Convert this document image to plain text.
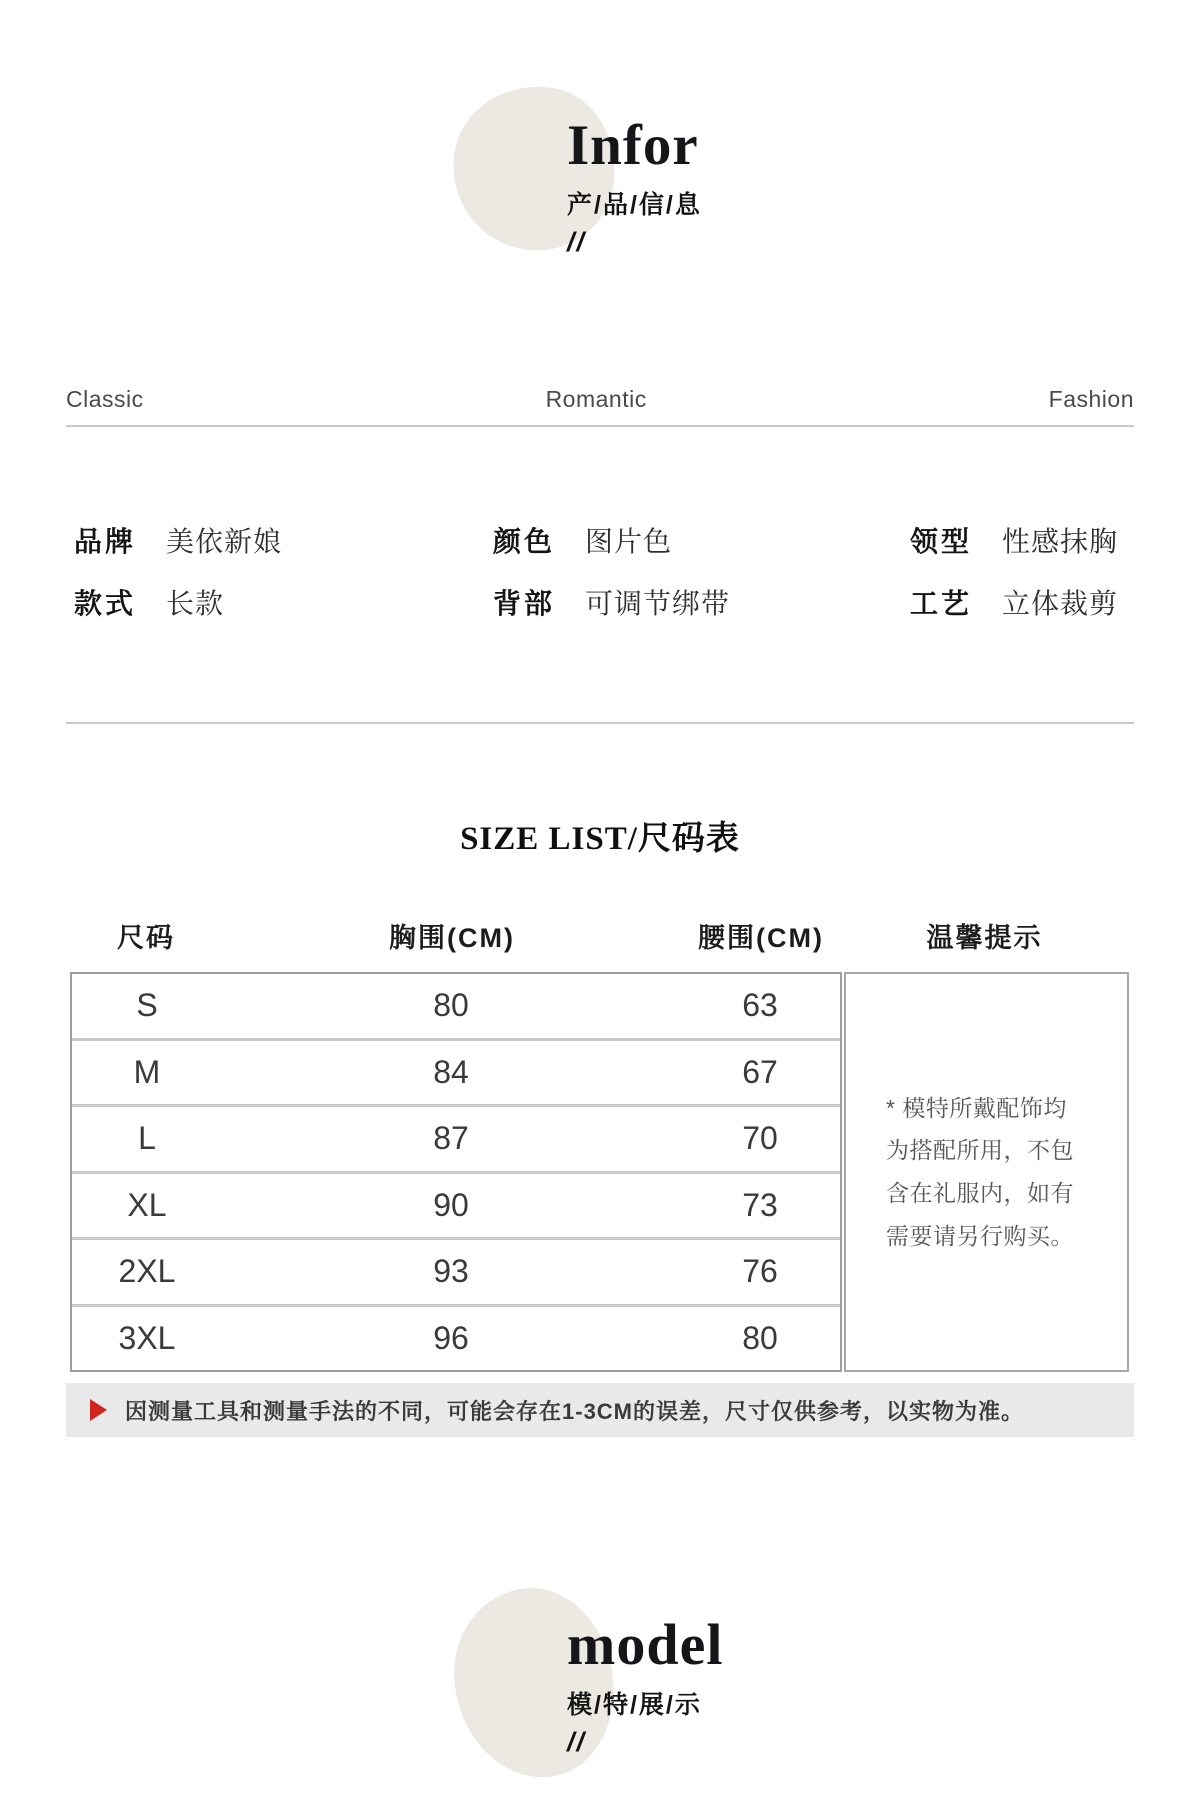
Infor
产/品/信/息
//
Classic	Romantic	Fashion
品牌 美依新娘	颜色 图片色	领型 性感抹胸
款式 长款	背部 可调节绑带	工艺 立体裁剪
SIZE LIST/尺码表
尺码	胸围(CM)	腰围(CM)	温馨提示
S	80	63
M	84	67
L	87	70
XL	90	73
2XL	93	76
3XL	96	80
* 模特所戴配饰均为搭配所用，不包含在礼服内，如有需要请另行购买。
因测量工具和测量手法的不同，可能会存在1-3CM的误差，尺寸仅供参考，以实物为准。
model
模/特/展/示
//
